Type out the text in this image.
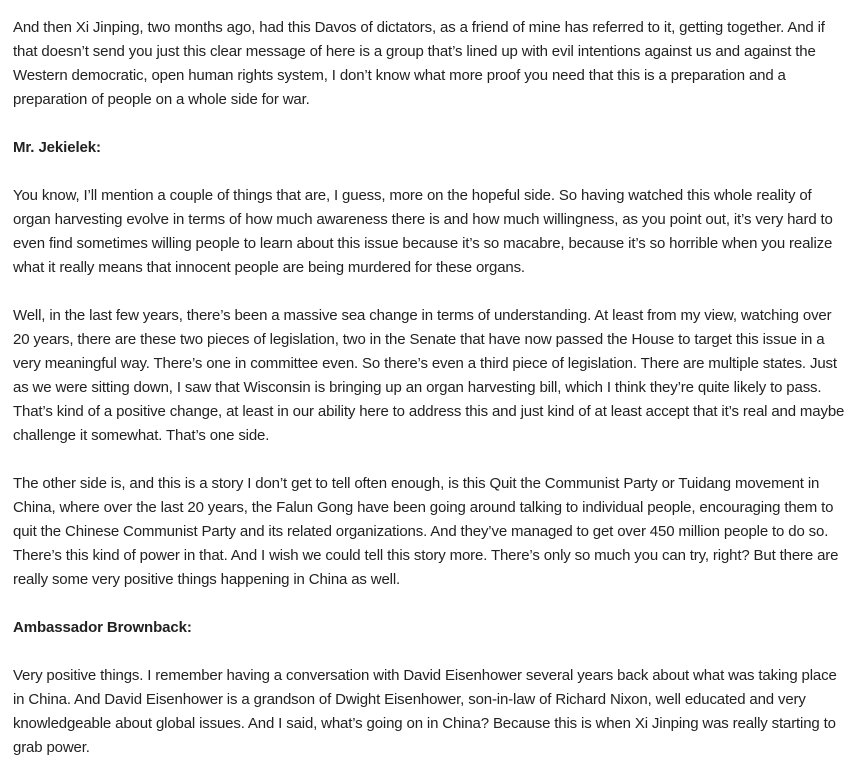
And then Xi Jinping, two months ago, had this Davos of dictators, as a friend of mine has referred to it, getting together. And if that doesn’t send you just this clear message of here is a group that’s lined up with evil intentions against us and against the Western democratic, open human rights system, I don’t know what more proof you need that this is a preparation and a preparation of people on a whole side for war.

Mr. Jekielek:

You know, I’ll mention a couple of things that are, I guess, more on the hopeful side. So having watched this whole reality of organ harvesting evolve in terms of how much awareness there is and how much willingness, as you point out, it’s very hard to even find sometimes willing people to learn about this issue because it’s so macabre, because it’s so horrible when you realize what it really means that innocent people are being murdered for these organs.

Well, in the last few years, there’s been a massive sea change in terms of understanding. At least from my view, watching over 20 years, there are these two pieces of legislation, two in the Senate that have now passed the House to target this issue in a very meaningful way. There’s one in committee even. So there’s even a third piece of legislation. There are multiple states. Just as we were sitting down, I saw that Wisconsin is bringing up an organ harvesting bill, which I think they’re quite likely to pass. That’s kind of a positive change, at least in our ability here to address this and just kind of at least accept that it’s real and maybe challenge it somewhat. That’s one side.

The other side is, and this is a story I don’t get to tell often enough, is this Quit the Communist Party or Tuidang movement in China, where over the last 20 years, the Falun Gong have been going around talking to individual people, encouraging them to quit the Chinese Communist Party and its related organizations. And they’ve managed to get over 450 million people to do so. There’s this kind of power in that. And I wish we could tell this story more. There’s only so much you can try, right? But there are really some very positive things happening in China as well.

Ambassador Brownback:

Very positive things. I remember having a conversation with David Eisenhower several years back about what was taking place in China. And David Eisenhower is a grandson of Dwight Eisenhower, son-in-law of Richard Nixon, well educated and very knowledgeable about global issues. And I said, what’s going on in China? Because this is when Xi Jinping was really starting to grab power.
